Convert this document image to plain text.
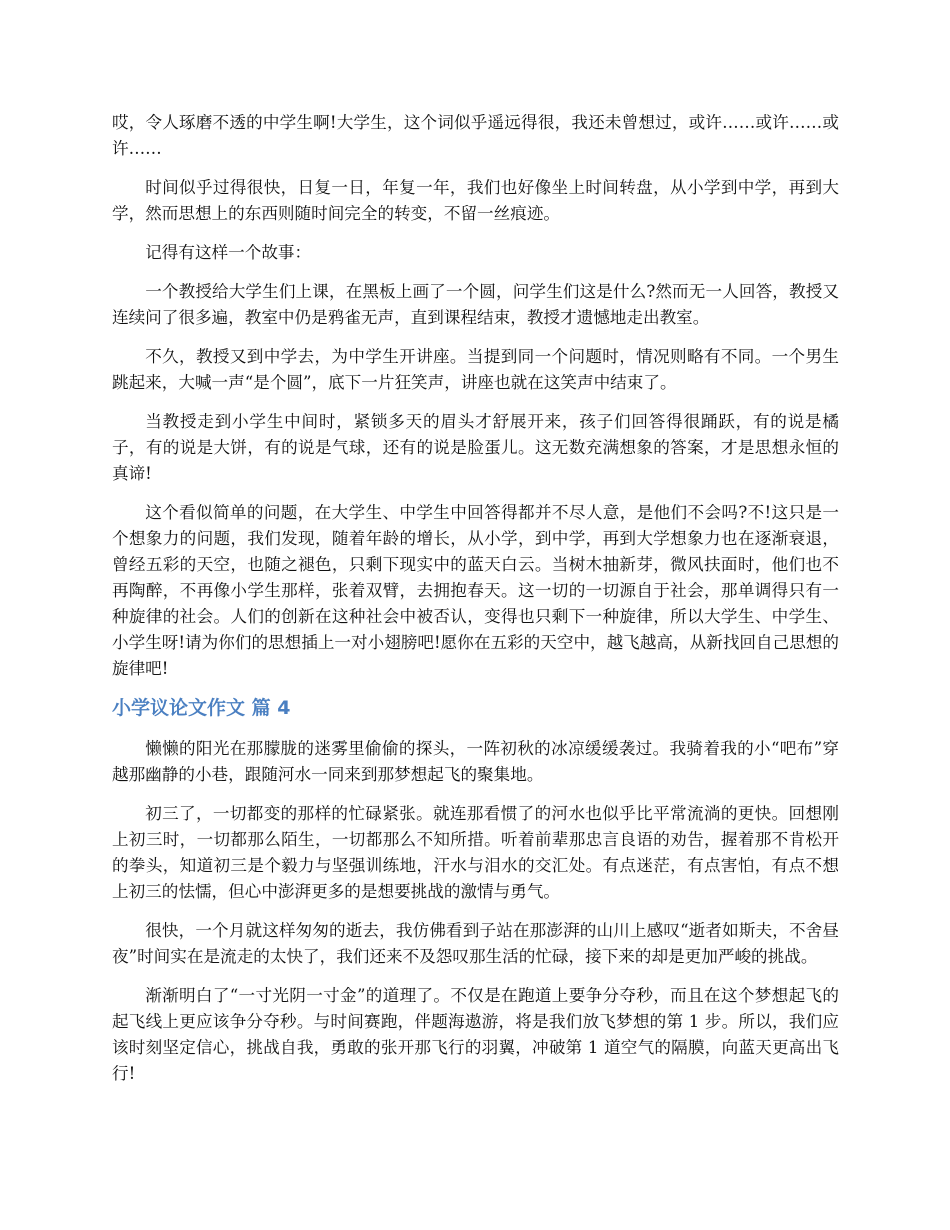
哎，令人琢磨不透的中学生啊!大学生，这个词似乎遥远得很，我还未曾想过，或许……或许……或许……

时间似乎过得很快，日复一日，年复一年，我们也好像坐上时间转盘，从小学到中学，再到大学，然而思想上的东西则随时间完全的转变，不留一丝痕迹。

记得有这样一个故事：

一个教授给大学生们上课，在黑板上画了一个圆，问学生们这是什么?然而无一人回答，教授又连续问了很多遍，教室中仍是鸦雀无声，直到课程结束，教授才遗憾地走出教室。

不久，教授又到中学去，为中学生开讲座。当提到同一个问题时，情况则略有不同。一个男生跳起来，大喊一声“是个圆”，底下一片狂笑声，讲座也就在这笑声中结束了。

当教授走到小学生中间时，紧锁多天的眉头才舒展开来，孩子们回答得很踊跃，有的说是橘子，有的说是大饼，有的说是气球，还有的说是脸蛋儿。这无数充满想象的答案，才是思想永恒的真谛!

这个看似简单的问题，在大学生、中学生中回答得都并不尽人意，是他们不会吗?不!这只是一个想象力的问题，我们发现，随着年龄的增长，从小学，到中学，再到大学想象力也在逐渐衰退，曾经五彩的天空，也随之褪色，只剩下现实中的蓝天白云。当树木抽新芽，微风扶面时，他们也不再陶醉，不再像小学生那样，张着双臂，去拥抱春天。这一切的一切源自于社会，那单调得只有一种旋律的社会。人们的创新在这种社会中被否认，变得也只剩下一种旋律，所以大学生、中学生、小学生呀!请为你们的思想插上一对小翅膀吧!愿你在五彩的天空中，越飞越高，从新找回自己思想的旋律吧!

小学议论文作文 篇 4

懒懒的阳光在那朦胧的迷雾里偷偷的探头，一阵初秋的冰凉缓缓袭过。我骑着我的小“吧布”穿越那幽静的小巷，跟随河水一同来到那梦想起飞的聚集地。

初三了，一切都变的那样的忙碌紧张。就连那看惯了的河水也似乎比平常流淌的更快。回想刚上初三时，一切都那么陌生，一切都那么不知所措。听着前辈那忠言良语的劝告，握着那不肯松开的拳头，知道初三是个毅力与坚强训练地，汗水与泪水的交汇处。有点迷茫，有点害怕，有点不想上初三的怯懦，但心中澎湃更多的是想要挑战的激情与勇气。

很快，一个月就这样匆匆的逝去，我仿佛看到子站在那澎湃的山川上感叹“逝者如斯夫，不舍昼夜”时间实在是流走的太快了，我们还来不及怨叹那生活的忙碌，接下来的却是更加严峻的挑战。

渐渐明白了“一寸光阴一寸金”的道理了。不仅是在跑道上要争分夺秒，而且在这个梦想起飞的起飞线上更应该争分夺秒。与时间赛跑，伴题海遨游，将是我们放飞梦想的第 1 步。所以，我们应该时刻坚定信心，挑战自我，勇敢的张开那飞行的羽翼，冲破第 1 道空气的隔膜，向蓝天更高出飞行!
